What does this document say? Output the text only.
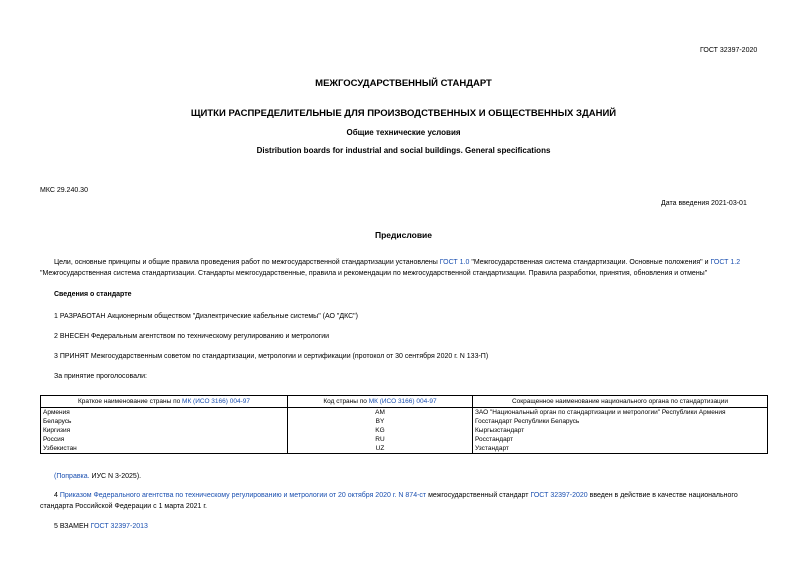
ГОСТ 32397-2020
МЕЖГОСУДАРСТВЕННЫЙ СТАНДАРТ
ЩИТКИ РАСПРЕДЕЛИТЕЛЬНЫЕ ДЛЯ ПРОИЗВОДСТВЕННЫХ И ОБЩЕСТВЕННЫХ ЗДАНИЙ
Общие технические условия
Distribution boards for industrial and social buildings. General specifications
МКС 29.240.30
Дата введения 2021-03-01
Предисловие
Цели, основные принципы и общие правила проведения работ по межгосударственной стандартизации установлены ГОСТ 1.0 "Межгосударственная система стандартизации. Основные положения" и ГОСТ 1.2
"Межгосударственная система стандартизации. Стандарты межгосударственные, правила и рекомендации по межгосударственной стандартизации. Правила разработки, принятия, обновления и отмены"
Сведения о стандарте
1 РАЗРАБОТАН Акционерным обществом "Диэлектрические кабельные системы" (АО "ДКС")
2 ВНЕСЕН Федеральным агентством по техническому регулированию и метрологии
3 ПРИНЯТ Межгосударственным советом по стандартизации, метрологии и сертификации (протокол от 30 сентября 2020 г. N 133-П)
За принятие проголосовали:
Краткое наименование страны по МК (ИСО 3166) 004-97	Код страны по МК (ИСО 3166) 004-97	Сокращенное наименование национального органа по стандартизации
Армения	AM	ЗАО "Национальный орган по стандартизации и метрологии" Республики Армения
Беларусь	BY	Госстандарт Республики Беларусь
Киргизия	KG	Кыргызстандарт
Россия	RU	Росстандарт
Узбекистан	UZ	Узстандарт
(Поправка. ИУС N 3-2025).
4 Приказом Федерального агентства по техническому регулированию и метрологии от 20 октября 2020 г. N 874-ст межгосударственный стандарт ГОСТ 32397-2020 введен в действие в качестве национального
стандарта Российской Федерации с 1 марта 2021 г.
5 ВЗАМЕН ГОСТ 32397-2013
